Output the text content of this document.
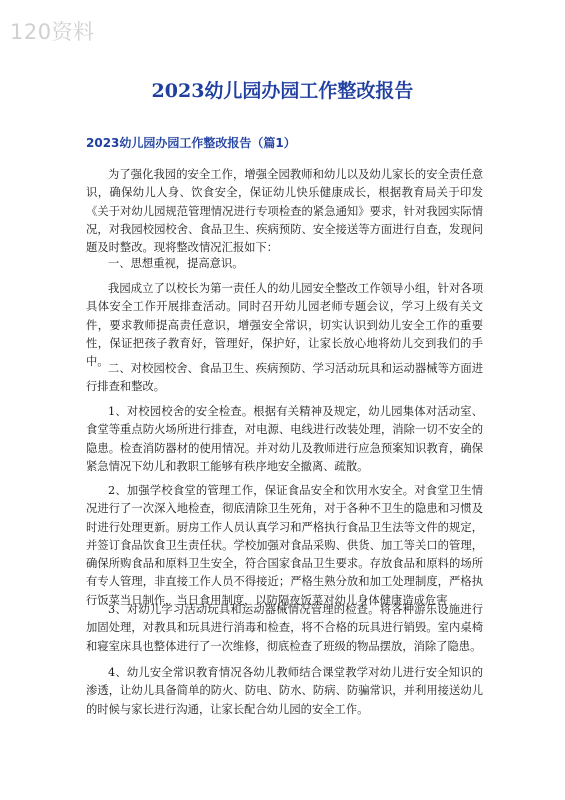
120资料
2023幼儿园办园工作整改报告
2023幼儿园办园工作整改报告（篇1）

为了强化我园的安全工作，增强全园教师和幼儿以及幼儿家长的安全责任意识，确保幼儿人身、饮食安全，保证幼儿快乐健康成长，根据教育局关于印发《关于对幼儿园规范管理情况进行专项检查的紧急通知》要求，针对我园实际情况，对我园校园校舍、食品卫生、疾病预防、安全接送等方面进行自查，发现问题及时整改。现将整改情况汇报如下：

一、思想重视，提高意识。

我园成立了以校长为第一责任人的幼儿园安全整改工作领导小组，针对各项具体安全工作开展排查活动。同时召开幼儿园老师专题会议，学习上级有关文件，要求教师提高责任意识，增强安全常识，切实认识到幼儿安全工作的重要性，保证把孩子教育好，管理好，保护好，让家长放心地将幼儿交到我们的手中。

二、对校园校舍、食品卫生、疾病预防、学习活动玩具和运动器械等方面进行排查和整改。

1、对校园校舍的安全检查。根据有关精神及规定，幼儿园集体对活动室、食堂等重点防火场所进行排查，对电源、电线进行改装处理，消除一切不安全的隐患。检查消防器材的使用情况。并对幼儿及教师进行应急预案知识教育，确保紧急情况下幼儿和教职工能够有秩序地安全撤离、疏散。

2、加强学校食堂的管理工作，保证食品安全和饮用水安全。对食堂卫生情况进行了一次深入地检查，彻底清除卫生死角，对于各种不卫生的隐患和习惯及时进行处理更新。厨房工作人员认真学习和严格执行食品卫生法等文件的规定，并签订食品饮食卫生责任状。学校加强对食品采购、供货、加工等关口的管理，确保所购食品和原料卫生安全，符合国家食品卫生要求。存放食品和原料的场所有专人管理，非直接工作人员不得接近；严格生熟分放和加工处理制度，严格执行饭菜当日制作，当日食用制度，以防隔夜饭菜对幼儿身体健康造成危害

3、对幼儿学习活动玩具和运动器械情况管理的检查。将各种游乐设施进行加固处理，对教具和玩具进行消毒和检查，将不合格的玩具进行销毁。室内桌椅和寝室床具也整体进行了一次维修，彻底检查了班级的物品摆放，消除了隐患。

4、幼儿安全常识教育情况各幼儿教师结合课堂教学对幼儿进行安全知识的渗透，让幼儿具备简单的防火、防电、防水、防病、防骗常识，并利用接送幼儿的时候与家长进行沟通，让家长配合幼儿园的安全工作。
